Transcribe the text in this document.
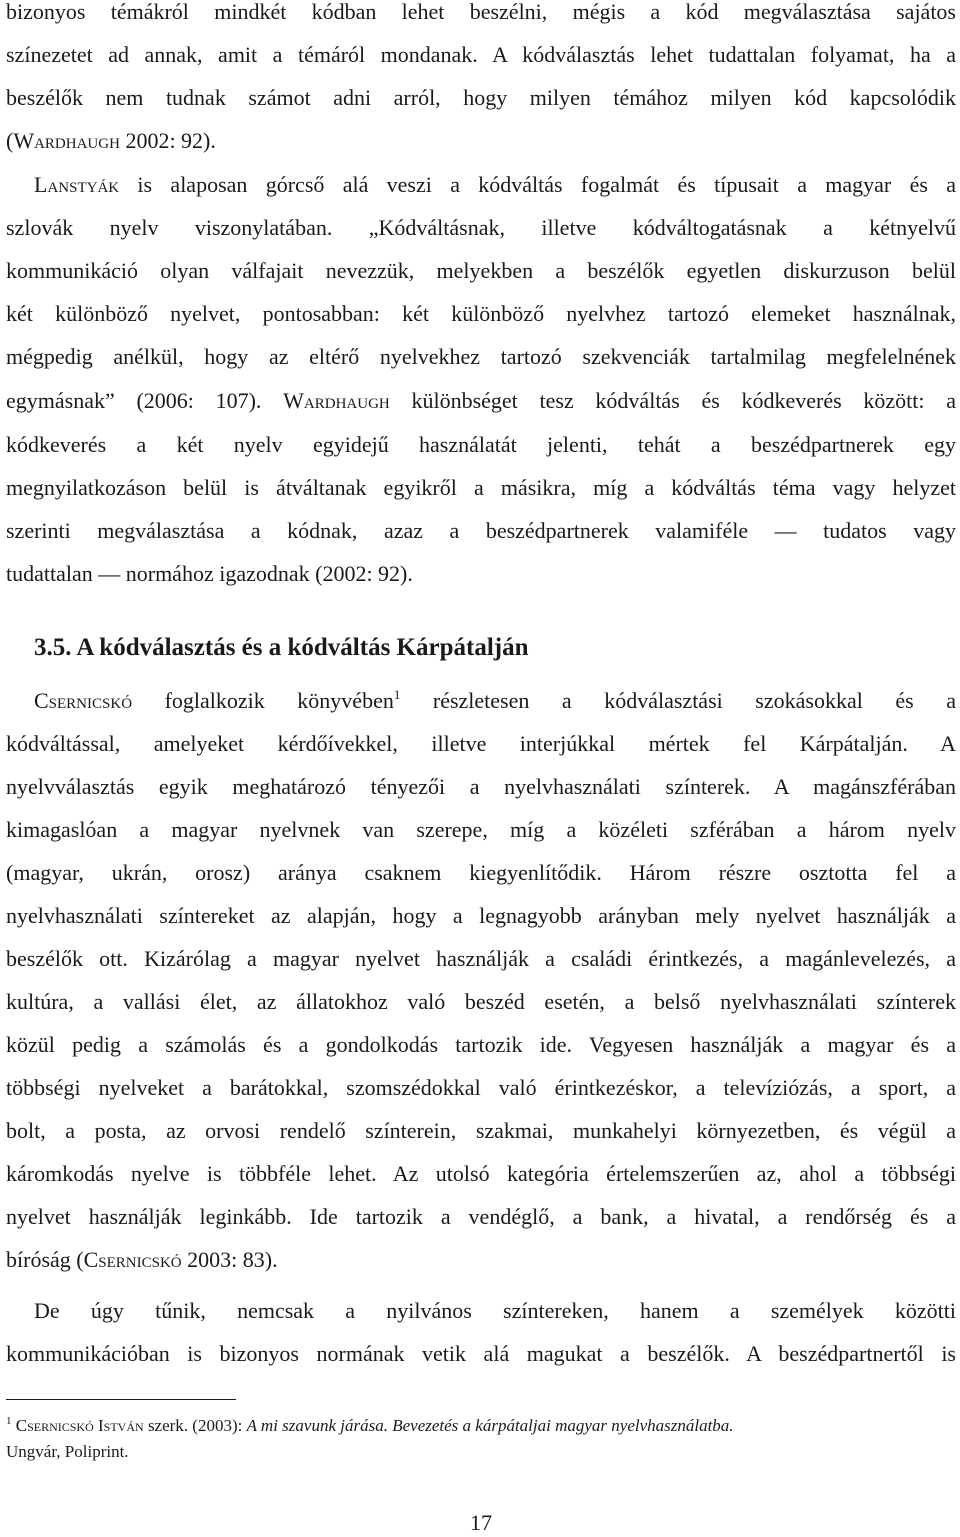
bizonyos témákról mindkét kódban lehet beszélni, mégis a kód megválasztása sajátos
színezetet ad annak, amit a témáról mondanak. A kódválasztás lehet tudattalan folyamat, ha a
beszélők nem tudnak számot adni arról, hogy milyen témához milyen kód kapcsolódik
(Wardhaugh 2002: 92).
Lanstyák is alaposan górcső alá veszi a kódváltás fogalmát és típusait a magyar és a
szlovák nyelv viszonylatában. „Kódváltásnak, illetve kódváltogatásnak a kétnyelvű
kommunikáció olyan válfajait nevezzük, melyekben a beszélők egyetlen diskurzuson belül
két különböző nyelvet, pontosabban: két különböző nyelvhez tartozó elemeket használnak,
mégpedig anélkül, hogy az eltérő nyelvekhez tartozó szekvenciák tartalmilag megfelelnének
egymásnak” (2006: 107). Wardhaugh különbséget tesz kódváltás és kódkeverés között: a
kódkeverés a két nyelv egyidejű használatát jelenti, tehát a beszédpartnerek egy
megnyilatkozáson belül is átváltanak egyikről a másikra, míg a kódváltás téma vagy helyzet
szerinti megválasztása a kódnak, azaz a beszédpartnerek valamiféle — tudatos vagy
tudattalan — normához igazodnak (2002: 92).
3.5. A kódválasztás és a kódváltás Kárpátalján
Csernicskó foglalkozik könyvében$^1$ részletesen a kódválasztási szokásokkal és a
kódváltással, amelyeket kérdőívekkel, illetve interjúkkal mértek fel Kárpátalján. A
nyelvválasztás egyik meghatározó tényezői a nyelvhasználati színterek. A magánszférában
kimagaslóan a magyar nyelvnek van szerepe, míg a közéleti szférában a három nyelv
(magyar, ukrán, orosz) aránya csaknem kiegyenlítődik. Három részre osztotta fel a
nyelvhasználati színtereket az alapján, hogy a legnagyobb arányban mely nyelvet használják a
beszélők ott. Kizárólag a magyar nyelvet használják a családi érintkezés, a magánlevelezés, a
kultúra, a vallási élet, az állatokhoz való beszéd esetén, a belső nyelvhasználati színterek
közül pedig a számolás és a gondolkodás tartozik ide. Vegyesen használják a magyar és a
többségi nyelveket a barátokkal, szomszédokkal való érintkezéskor, a televíziózás, a sport, a
bolt, a posta, az orvosi rendelő színterein, szakmai, munkahelyi környezetben, és végül a
káromkodás nyelve is többféle lehet. Az utolsó kategória értelemszerűen az, ahol a többségi
nyelvet használják leginkább. Ide tartozik a vendéglő, a bank, a hivatal, a rendőrség és a
bíróság (Csernicskó 2003: 83).
De úgy tűnik, nemcsak a nyilvános színtereken, hanem a személyek közötti
kommunikációban is bizonyos normának vetik alá magukat a beszélők. A beszédpartnertől is
$^1$ Csernicskó István szerk. (2003): A mi szavunk járása. Bevezetés a kárpátaljai magyar nyelvhasználatba.
Ungvár, Poliprint.
17
